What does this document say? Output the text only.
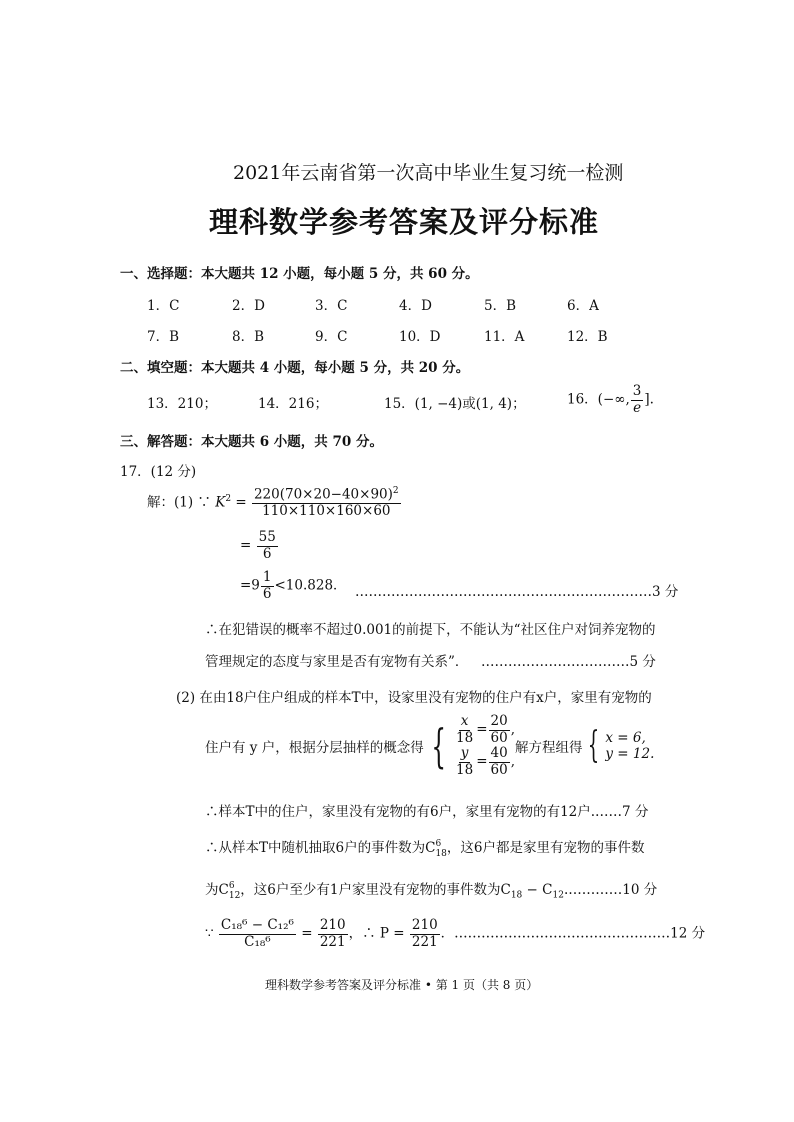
2021年云南省第一次高中毕业生复习统一检测
理科数学参考答案及评分标准
一、选择题：本大题共 12 小题，每小题 5 分，共 60 分。
1．C	2．D	3．C	4．D	5．B	6．A
7．B	8．B	9．C	10．D	11．A	12．B
二、填空题：本大题共 4 小题，每小题 5 分，共 20 分。
13．210；	14．216；	15．(1, −4)或(1, 4)；	16．(−∞, $\frac{3}{e}$ ].
三、解答题：本大题共 6 小题，共 70 分。
17．(12 分)
解：(1) ∵ $K^2 = \frac{220(70\times 20-40\times 90)^2}{110\times 110\times 160\times 60}$
= $\frac{55}{6}$
$=9 \frac{1}{6} <10.828$． …………………………………………………………3 分
∴在犯错误的概率不超过0.001的前提下，不能认为“社区住户对饲养宠物的
管理规定的态度与家里是否有宠物有关系”． ……………………………5 分
(2) 在由18户住户组成的样本T中，设家里没有宠物的住户有x户，家里有宠物的
住户有 y 户，根据分层抽样的概念得 { $\frac{x}{18} = \frac{20}{60}$ ,
$\frac{y}{18} = \frac{40}{60}$ ,
解方程组得 { x = 6,
y = 12.
∴样本T中的住户，家里没有宠物的有6户，家里有宠物的有12户.……7 分
∴从样本T中随机抽取6户的事件数为C $_{6 18}$，这6户都是家里有宠物的事件数
为C $_{6 12}$，这6户至少有1户家里没有宠物的事件数为$C_{18}$ − $C_{12}.\dots\dots\dots\dots 10$ 分
∵ $\frac{\text{C₁₈⁶ − C₁₂⁶}}{\text{C₁₈⁶}} = \frac{210}{221}$ ，∴ $P = \frac{210}{221}$ ．…………………………………………12 分
理科数学参考答案及评分标准 • 第 1 页（共 8 页）
